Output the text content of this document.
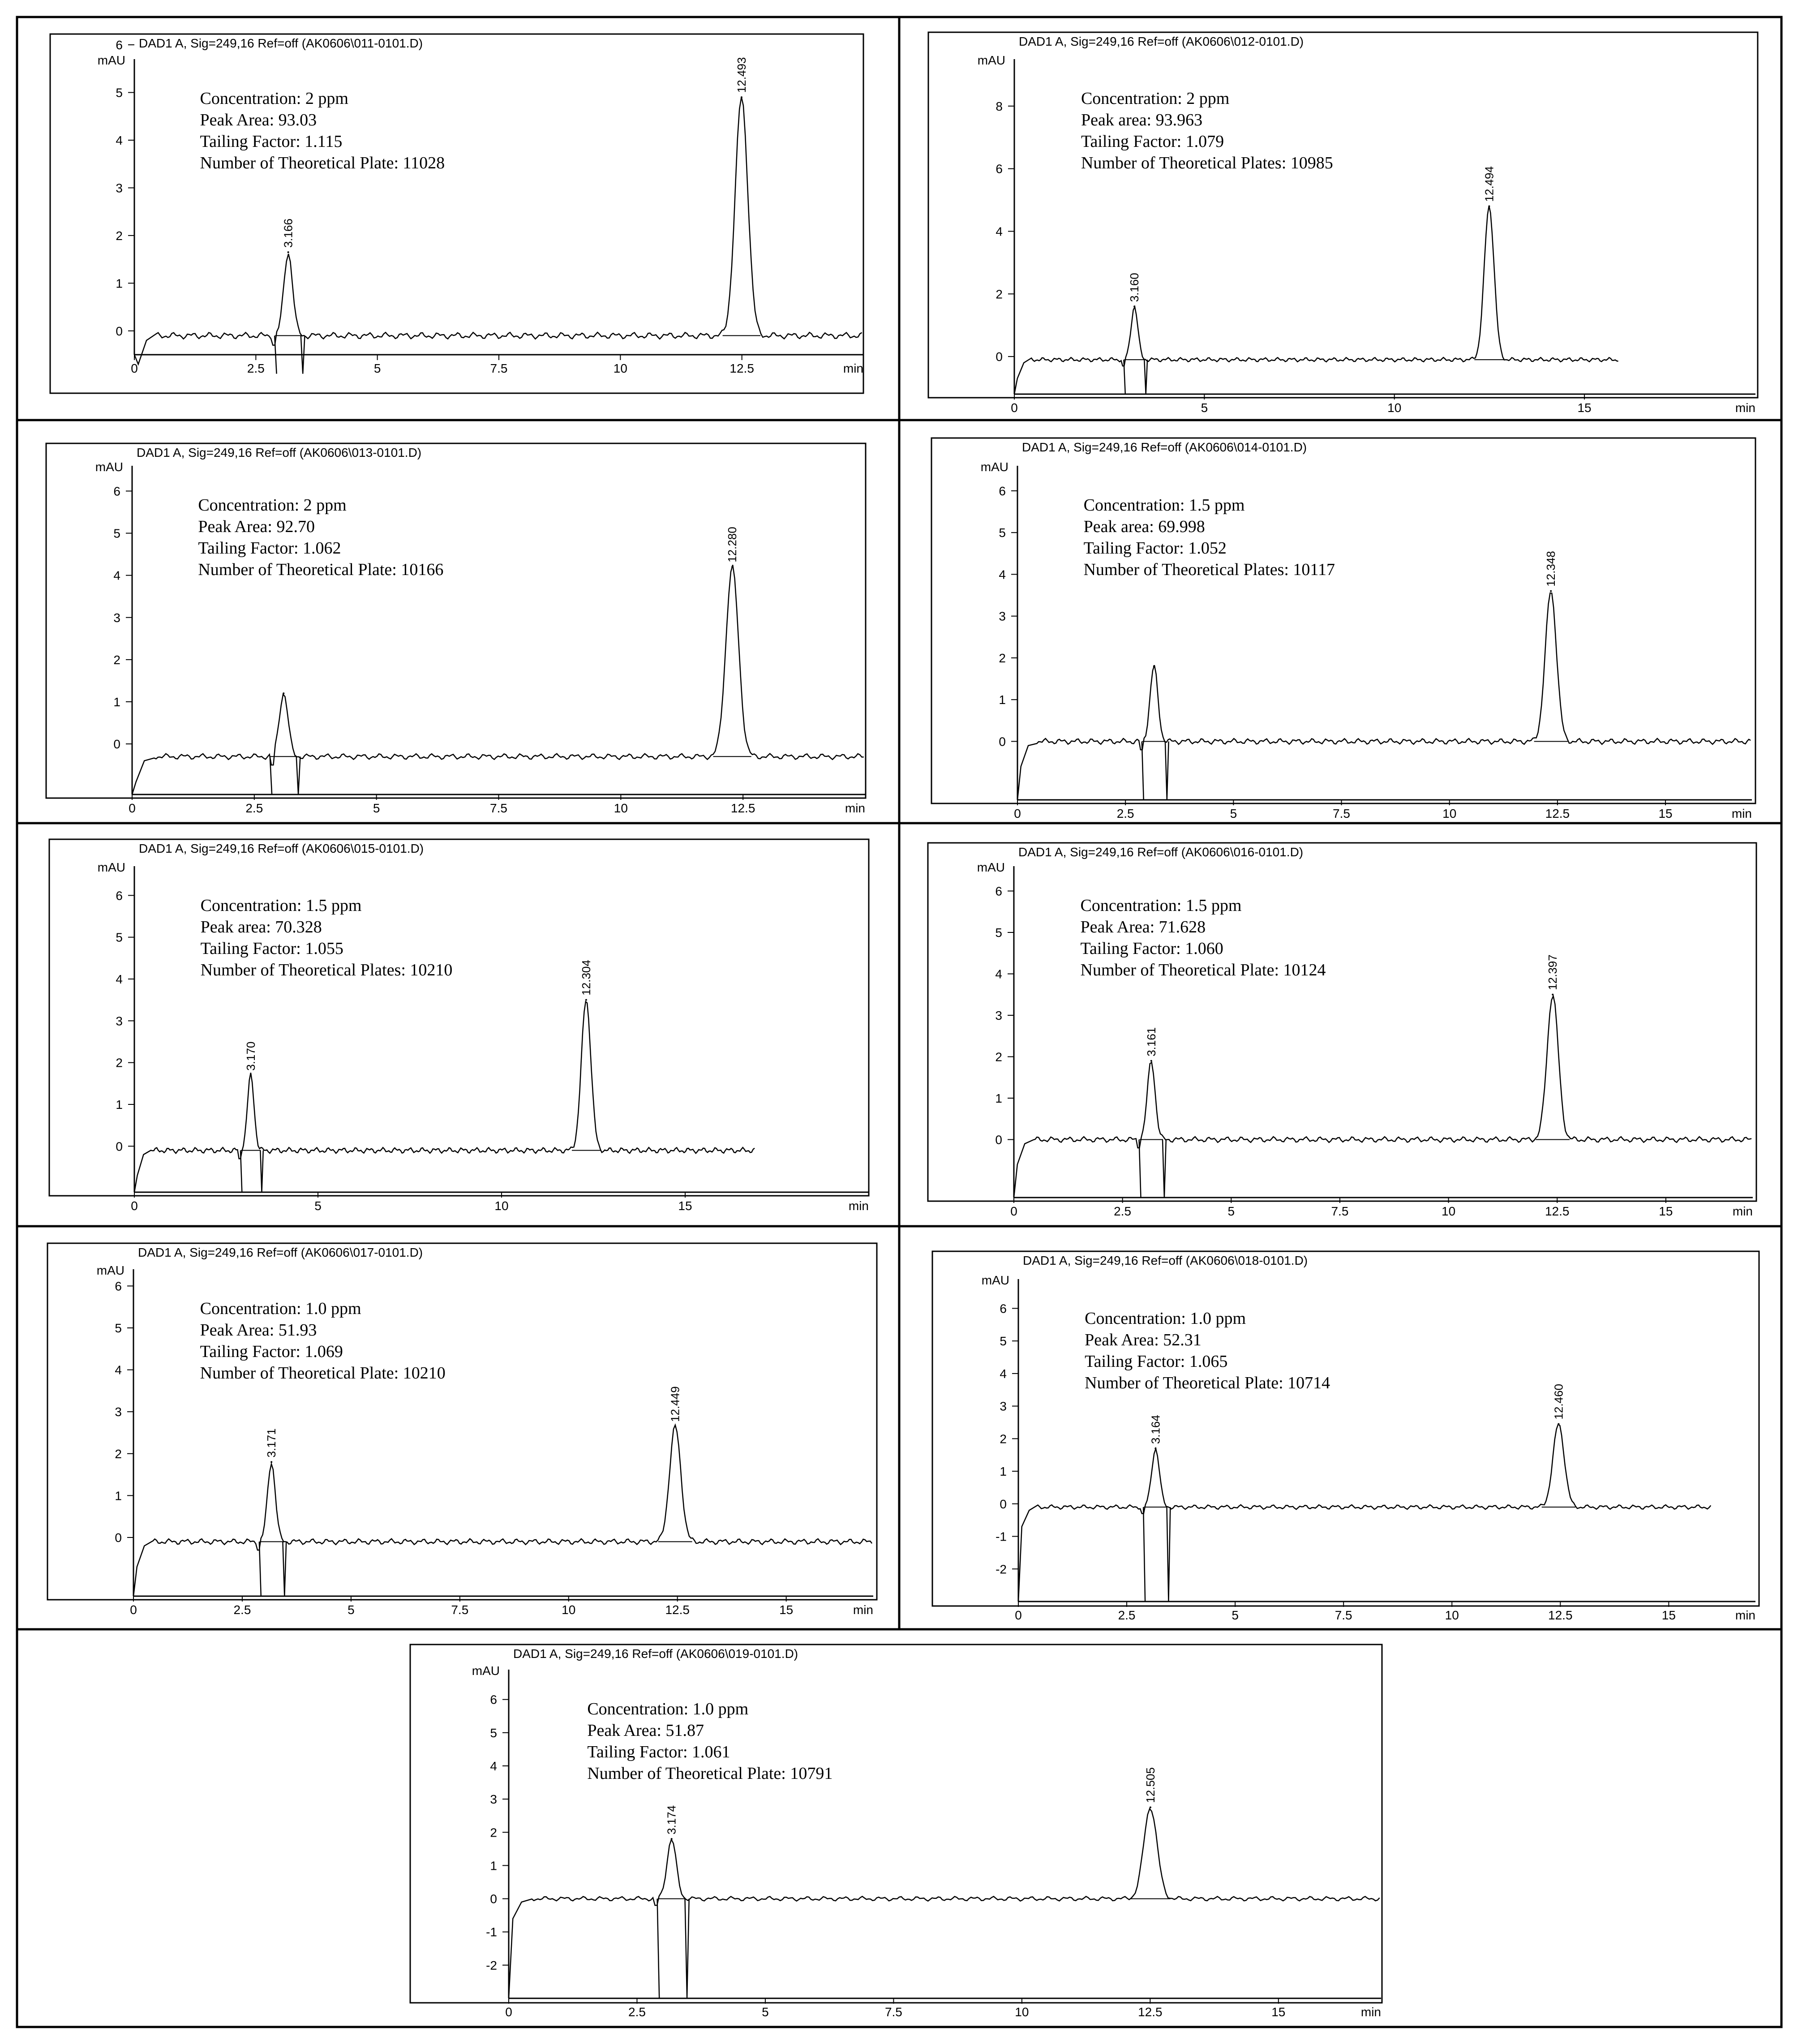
DAD1 A, Sig=249,16 Ref=off (AK0606\011-0101.D)
mAU
0
1
2
3
4
5
6
0	2.5	5	7.5	10	12.5	min
3.166
12.493
Concentration: 2 ppm
Peak Area: 93.03
Tailing Factor: 1.115
Number of Theoretical Plate: 11028
DAD1 A, Sig=249,16 Ref=off (AK0606\012-0101.D)
mAU
0
2
4
6
8
0	5	10	15	min
3.160
12.494
Concentration: 2 ppm
Peak area: 93.963
Tailing Factor: 1.079
Number of Theoretical Plates: 10985
DAD1 A, Sig=249,16 Ref=off (AK0606\013-0101.D)
mAU
0
1
2
3
4
5
6
0	2.5	5	7.5	10	12.5	min
12.280
Concentration: 2 ppm
Peak Area: 92.70
Tailing Factor: 1.062
Number of Theoretical Plate: 10166
DAD1 A, Sig=249,16 Ref=off (AK0606\014-0101.D)
mAU
0
1
2
3
4
5
6
0	2.5	5	7.5	10	12.5	15	min
12.348
Concentration: 1.5 ppm
Peak area: 69.998
Tailing Factor: 1.052
Number of Theoretical Plates: 10117
DAD1 A, Sig=249,16 Ref=off (AK0606\015-0101.D)
mAU
0
1
2
3
4
5
6
0	5	10	15	min
3.170
12.304
Concentration: 1.5 ppm
Peak area: 70.328
Tailing Factor: 1.055
Number of Theoretical Plates: 10210
DAD1 A, Sig=249,16 Ref=off (AK0606\016-0101.D)
mAU
0
1
2
3
4
5
6
0	2.5	5	7.5	10	12.5	15	min
3.161
12.397
Concentration: 1.5 ppm
Peak Area: 71.628
Tailing Factor: 1.060
Number of Theoretical Plate: 10124
DAD1 A, Sig=249,16 Ref=off (AK0606\017-0101.D)
mAU
0
1
2
3
4
5
6
0	2.5	5	7.5	10	12.5	15	min
3.171
12.449
Concentration: 1.0 ppm
Peak Area: 51.93
Tailing Factor: 1.069
Number of Theoretical Plate: 10210
DAD1 A, Sig=249,16 Ref=off (AK0606\018-0101.D)
mAU
-2
-1
0
1
2
3
4
5
6
0	2.5	5	7.5	10	12.5	15	min
3.164
12.460
Concentration: 1.0 ppm
Peak Area: 52.31
Tailing Factor: 1.065
Number of Theoretical Plate: 10714
DAD1 A, Sig=249,16 Ref=off (AK0606\019-0101.D)
mAU
-2
-1
0
1
2
3
4
5
6
0	2.5	5	7.5	10	12.5	15	min
3.174
12.505
Concentration: 1.0 ppm
Peak Area: 51.87
Tailing Factor: 1.061
Number of Theoretical Plate: 10791
